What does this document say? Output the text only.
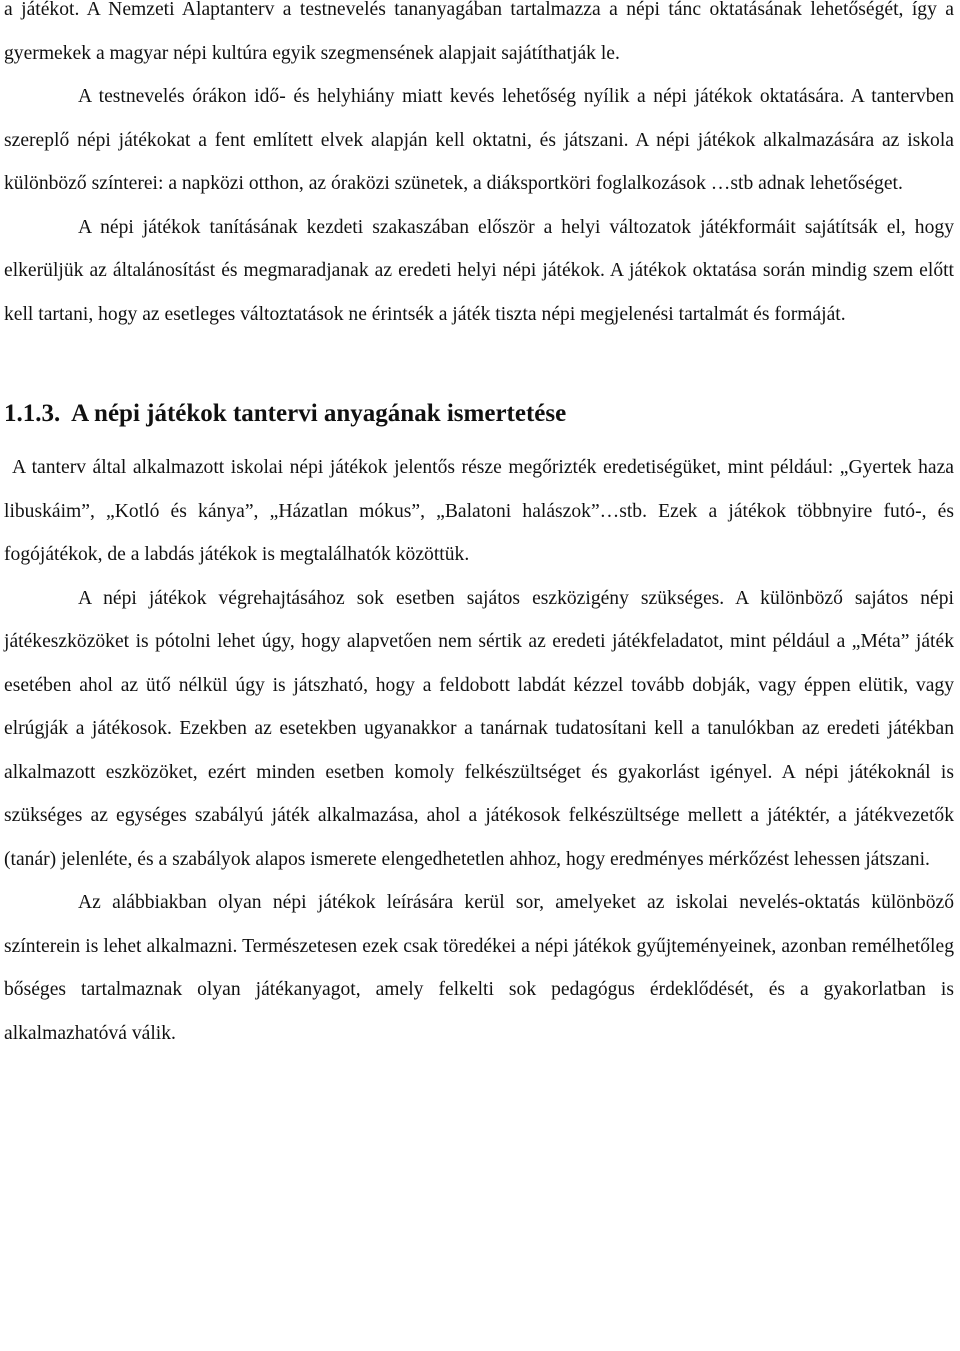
a játékot. A Nemzeti Alaptanterv a testnevelés tananyagában tartalmazza a népi tánc oktatásának lehetőségét, így a gyermekek a magyar népi kultúra egyik szegmensének alapjait sajátíthatják le.

A testnevelés órákon idő- és helyhiány miatt kevés lehetőség nyílik a népi játékok oktatására. A tantervben szereplő népi játékokat a fent említett elvek alapján kell oktatni, és játszani. A népi játékok alkalmazására az iskola különböző színterei: a napközi otthon, az óraközi szünetek, a diáksportköri foglalkozások …stb adnak lehetőséget.

A népi játékok tanításának kezdeti szakaszában először a helyi változatok játékformáit sajátítsák el, hogy elkerüljük az általánosítást és megmaradjanak az eredeti helyi népi játékok. A játékok oktatása során mindig szem előtt kell tartani, hogy az esetleges változtatások ne érintsék a játék tiszta népi megjelenési tartalmát és formáját.

1.1.3. A népi játékok tantervi anyagának ismertetése

A tanterv által alkalmazott iskolai népi játékok jelentős része megőrizték eredetiségüket, mint például: „Gyertek haza libuskáim”, „Kotló és kánya”, „Házatlan mókus”, „Balatoni halászok”…stb. Ezek a játékok többnyire futó-, és fogójátékok, de a labdás játékok is megtalálhatók közöttük.

A népi játékok végrehajtásához sok esetben sajátos eszközigény szükséges. A különböző sajátos népi játékeszközöket is pótolni lehet úgy, hogy alapvetően nem sértik az eredeti játékfeladatot, mint például a „Méta” játék esetében ahol az ütő nélkül úgy is játszható, hogy a feldobott labdát kézzel tovább dobják, vagy éppen elütik, vagy elrúgják a játékosok. Ezekben az esetekben ugyanakkor a tanárnak tudatosítani kell a tanulókban az eredeti játékban alkalmazott eszközöket, ezért minden esetben komoly felkészültséget és gyakorlást igényel. A népi játékoknál is szükséges az egységes szabályú játék alkalmazása, ahol a játékosok felkészültsége mellett a játéktér, a játékvezetők (tanár) jelenléte, és a szabályok alapos ismerete elengedhetetlen ahhoz, hogy eredményes mérkőzést lehessen játszani.

Az alábbiakban olyan népi játékok leírására kerül sor, amelyeket az iskolai nevelés-oktatás különböző színterein is lehet alkalmazni. Természetesen ezek csak töredékei a népi játékok gyűjteményeinek, azonban remélhetőleg bőséges tartalmaznak olyan játékanyagot, amely felkelti sok pedagógus érdeklődését, és a gyakorlatban is alkalmazhatóvá válik.
